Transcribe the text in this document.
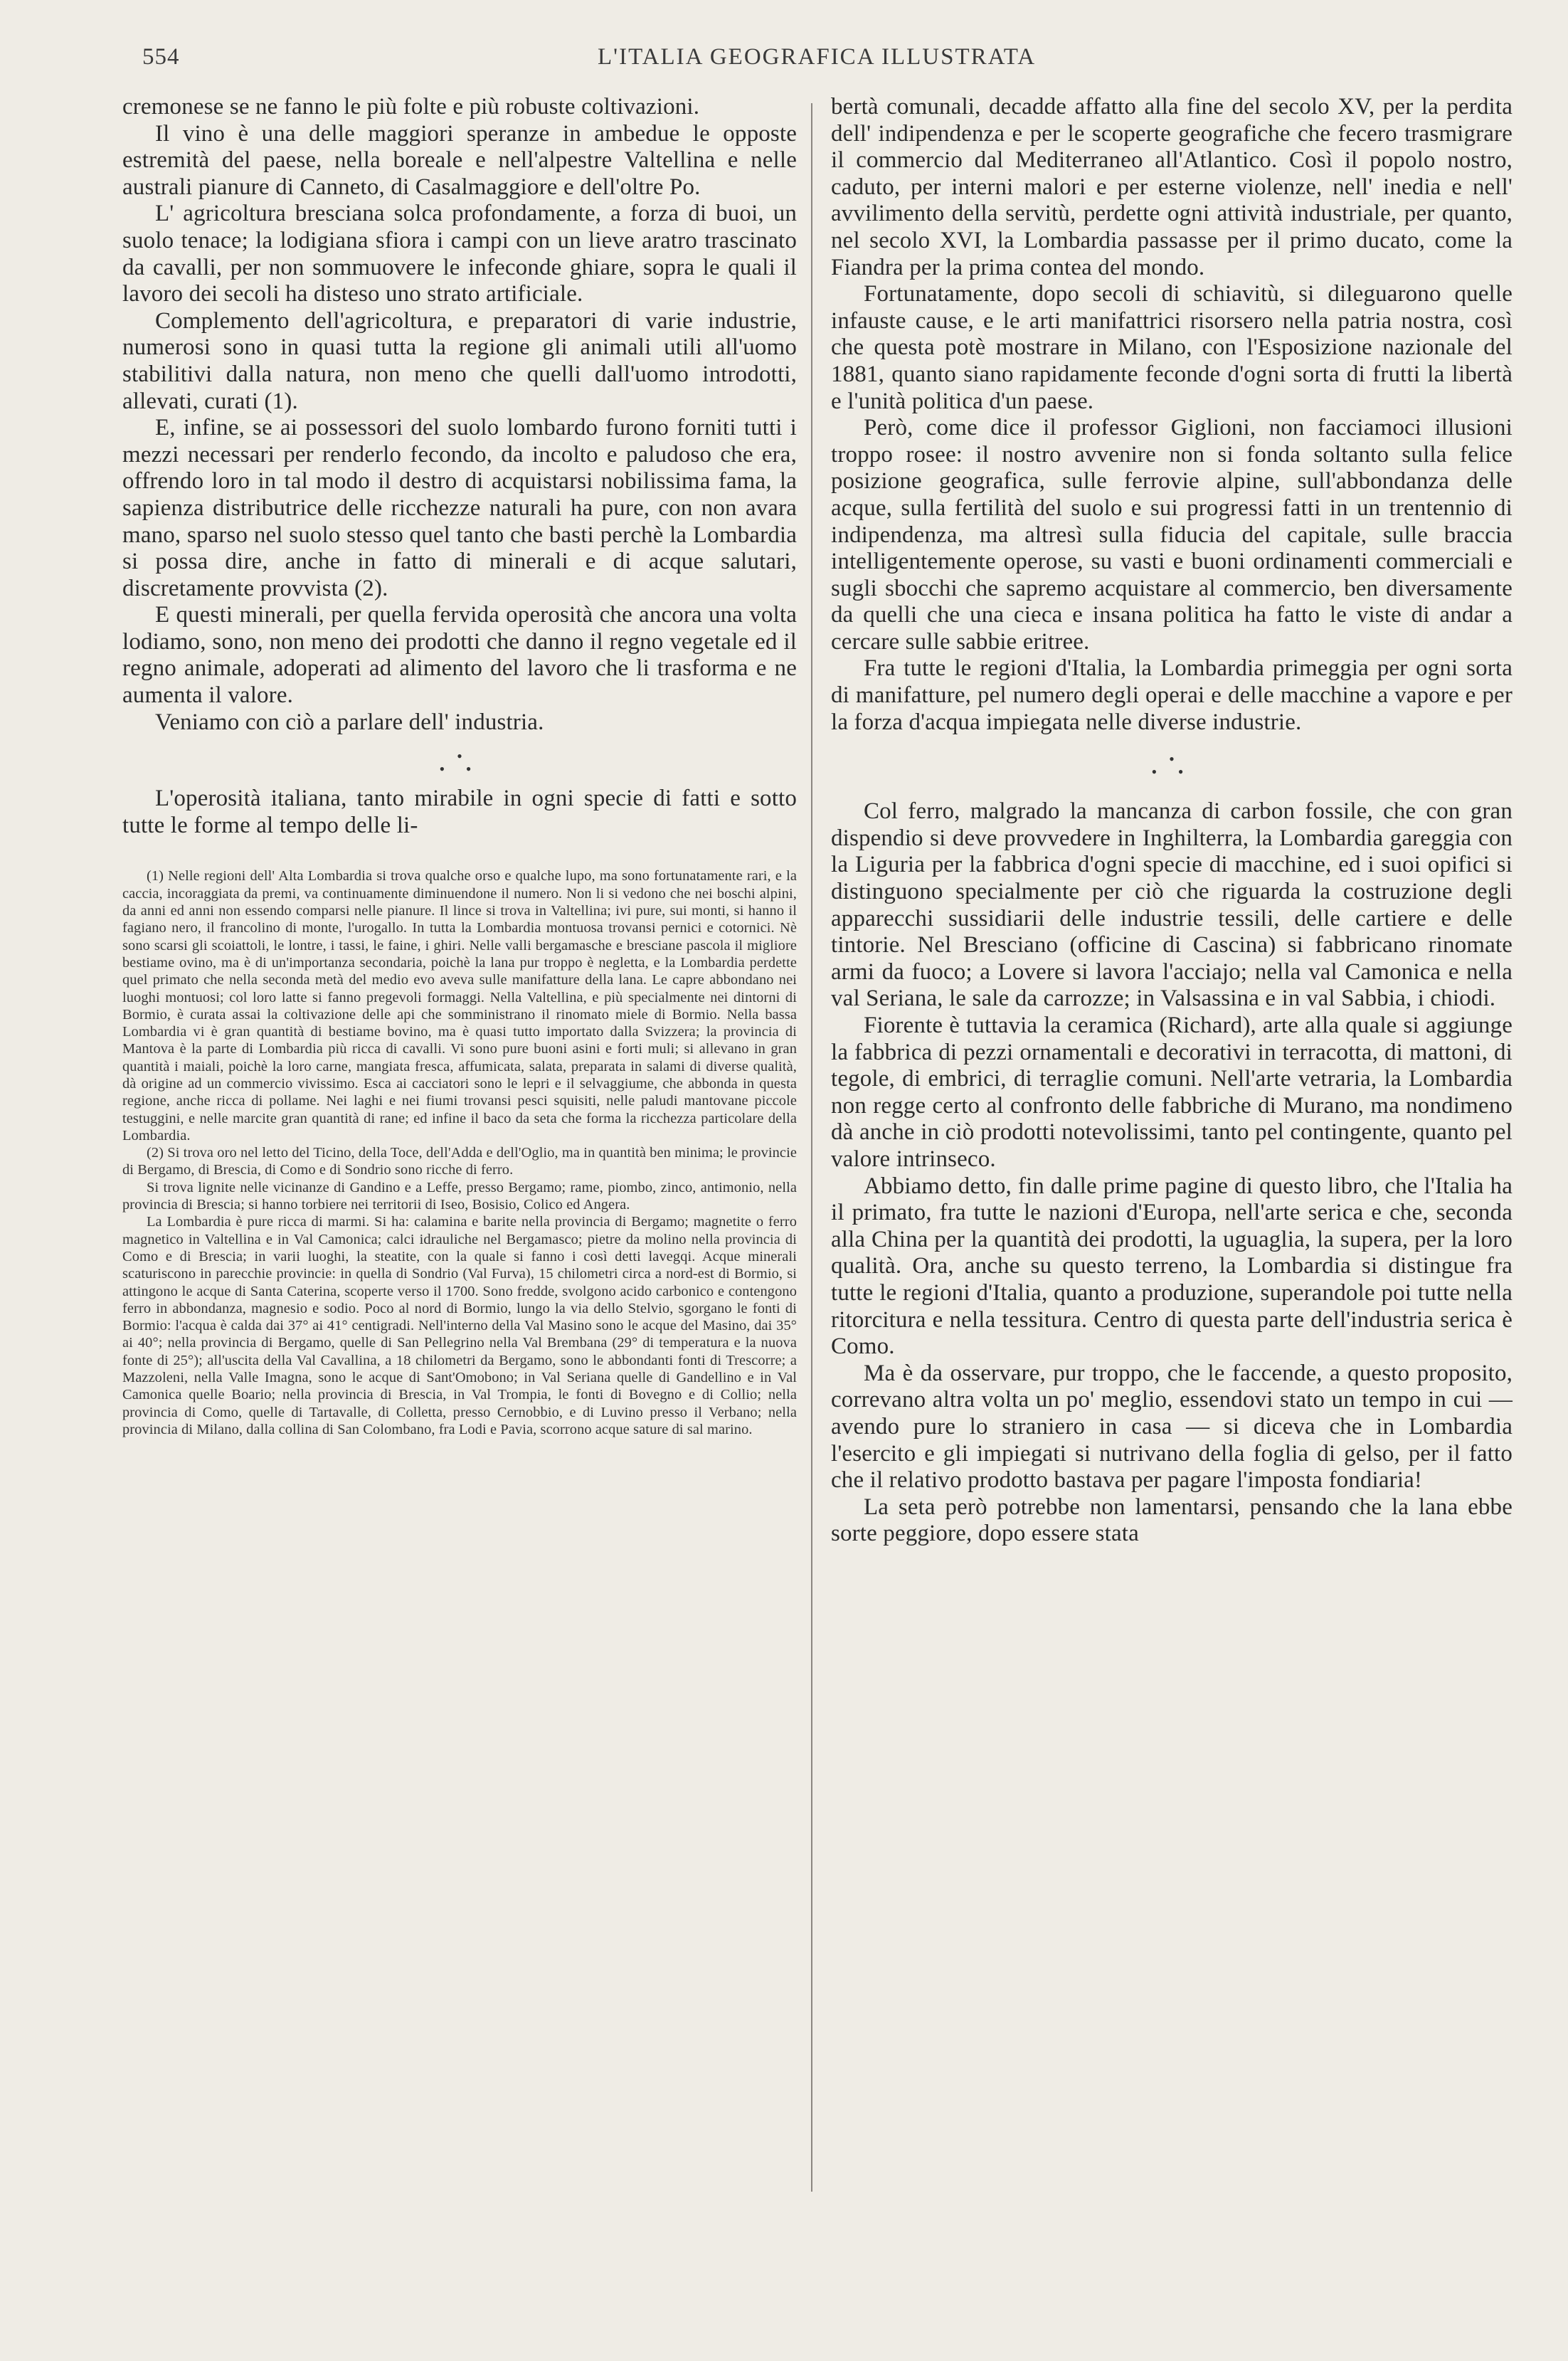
554	L'ITALIA GEOGRAFICA ILLUSTRATA

cremonese se ne fanno le più folte e più robuste coltivazioni.

Il vino è una delle maggiori speranze in ambedue le opposte estremità del paese, nella boreale e nell'alpestre Valtellina e nelle australi pianure di Canneto, di Casalmaggiore e dell'oltre Po.

L' agricoltura bresciana solca profondamente, a forza di buoi, un suolo tenace; la lodigiana sfiora i campi con un lieve aratro trascinato da cavalli, per non sommuovere le infeconde ghiare, sopra le quali il lavoro dei secoli ha disteso uno strato artificiale.

Complemento dell'agricoltura, e preparatori di varie industrie, numerosi sono in quasi tutta la regione gli animali utili all'uomo stabilitivi dalla natura, non meno che quelli dall'uomo introdotti, allevati, curati (1).

E, infine, se ai possessori del suolo lombardo furono forniti tutti i mezzi necessari per renderlo fecondo, da incolto e paludoso che era, offrendo loro in tal modo il destro di acquistarsi nobilissima fama, la sapienza distributrice delle ricchezze naturali ha pure, con non avara mano, sparso nel suolo stesso quel tanto che basti perchè la Lombardia si possa dire, anche in fatto di minerali e di acque salutari, discretamente provvista (2).

E questi minerali, per quella fervida operosità che ancora una volta lodiamo, sono, non meno dei prodotti che danno il regno vegetale ed il regno animale, adoperati ad alimento del lavoro che li trasforma e ne aumenta il valore.

Veniamo con ciò a parlare dell' industria.

•
• •

L'operosità italiana, tanto mirabile in ogni specie di fatti e sotto tutte le forme al tempo delle li-

(1) Nelle regioni dell' Alta Lombardia si trova qualche orso e qualche lupo, ma sono fortunatamente rari, e la caccia, incoraggiata da premi, va continuamente diminuendone il numero. Non li si vedono che nei boschi alpini, da anni ed anni non essendo comparsi nelle pianure. Il lince si trova in Valtellina; ivi pure, sui monti, si hanno il fagiano nero, il francolino di monte, l'urogallo. In tutta la Lombardia montuosa trovansi pernici e cotornici. Nè sono scarsi gli scoiattoli, le lontre, i tassi, le faine, i ghiri. Nelle valli bergamasche e bresciane pascola il migliore bestiame ovino, ma è di un'importanza secondaria, poichè la lana pur troppo è negletta, e la Lombardia perdette quel primato che nella seconda metà del medio evo aveva sulle manifatture della lana. Le capre abbondano nei luoghi montuosi; col loro latte si fanno pregevoli formaggi. Nella Valtellina, e più specialmente nei dintorni di Bormio, è curata assai la coltivazione delle api che somministrano il rinomato miele di Bormio. Nella bassa Lombardia vi è gran quantità di bestiame bovino, ma è quasi tutto importato dalla Svizzera; la provincia di Mantova è la parte di Lombardia più ricca di cavalli. Vi sono pure buoni asini e forti muli; si allevano in gran quantità i maiali, poichè la loro carne, mangiata fresca, affumicata, salata, preparata in salami di diverse qualità, dà origine ad un commercio vivissimo. Esca ai cacciatori sono le lepri e il selvaggiume, che abbonda in questa regione, anche ricca di pollame. Nei laghi e nei fiumi trovansi pesci squisiti, nelle paludi mantovane piccole testuggini, e nelle marcite gran quantità di rane; ed infine il baco da seta che forma la ricchezza particolare della Lombardia.

(2) Si trova oro nel letto del Ticino, della Toce, dell'Adda e dell'Oglio, ma in quantità ben minima; le provincie di Bergamo, di Brescia, di Como e di Sondrio sono ricche di ferro.

Si trova lignite nelle vicinanze di Gandino e a Leffe, presso Bergamo; rame, piombo, zinco, antimonio, nella provincia di Brescia; si hanno torbiere nei territorii di Iseo, Bosisio, Colico ed Angera.

La Lombardia è pure ricca di marmi. Si ha: calamina e barite nella provincia di Bergamo; magnetite o ferro magnetico in Valtellina e in Val Camonica; calci idrauliche nel Bergamasco; pietre da molino nella provincia di Como e di Brescia; in varii luoghi, la steatite, con la quale si fanno i così detti lavegqi. Acque minerali scaturiscono in parecchie provincie: in quella di Sondrio (Val Furva), 15 chilometri circa a nord-est di Bormio, si attingono le acque di Santa Caterina, scoperte verso il 1700. Sono fredde, svolgono acido carbonico e contengono ferro in abbondanza, magnesio e sodio. Poco al nord di Bormio, lungo la via dello Stelvio, sgorgano le fonti di Bormio: l'acqua è calda dai 37° ai 41° centigradi. Nell'interno della Val Masino sono le acque del Masino, dai 35° ai 40°; nella provincia di Bergamo, quelle di San Pellegrino nella Val Brembana (29° di temperatura e la nuova fonte di 25°); all'uscita della Val Cavallina, a 18 chilometri da Bergamo, sono le abbondanti fonti di Trescorre; a Mazzoleni, nella Valle Imagna, sono le acque di Sant'Omobono; in Val Seriana quelle di Gandellino e in Val Camonica quelle Boario; nella provincia di Brescia, in Val Trompia, le fonti di Bovegno e di Collio; nella provincia di Como, quelle di Tartavalle, di Colletta, presso Cernobbio, e di Luvino presso il Verbano; nella provincia di Milano, dalla collina di San Colombano, fra Lodi e Pavia, scorrono acque sature di sal marino.

bertà comunali, decadde affatto alla fine del secolo XV, per la perdita dell' indipendenza e per le scoperte geografiche che fecero trasmigrare il commercio dal Mediterraneo all'Atlantico. Così il popolo nostro, caduto, per interni malori e per esterne violenze, nell' inedia e nell' avvilimento della servitù, perdette ogni attività industriale, per quanto, nel secolo XVI, la Lombardia passasse per il primo ducato, come la Fiandra per la prima contea del mondo.

Fortunatamente, dopo secoli di schiavitù, si dileguarono quelle infauste cause, e le arti manifattrici risorsero nella patria nostra, così che questa potè mostrare in Milano, con l'Esposizione nazionale del 1881, quanto siano rapidamente feconde d'ogni sorta di frutti la libertà e l'unità politica d'un paese.

Però, come dice il professor Giglioni, non facciamoci illusioni troppo rosee: il nostro avvenire non si fonda soltanto sulla felice posizione geografica, sulle ferrovie alpine, sull'abbondanza delle acque, sulla fertilità del suolo e sui progressi fatti in un trentennio di indipendenza, ma altresì sulla fiducia del capitale, sulle braccia intelligentemente operose, su vasti e buoni ordinamenti commerciali e sugli sbocchi che sapremo acquistare al commercio, ben diversamente da quelli che una cieca e insana politica ha fatto le viste di andar a cercare sulle sabbie eritree.

Fra tutte le regioni d'Italia, la Lombardia primeggia per ogni sorta di manifatture, pel numero degli operai e delle macchine a vapore e per la forza d'acqua impiegata nelle diverse industrie.

•
• •

Col ferro, malgrado la mancanza di carbon fossile, che con gran dispendio si deve provvedere in Inghilterra, la Lombardia gareggia con la Liguria per la fabbrica d'ogni specie di macchine, ed i suoi opifici si distinguono specialmente per ciò che riguarda la costruzione degli apparecchi sussidiarii delle industrie tessili, delle cartiere e delle tintorie. Nel Bresciano (officine di Cascina) si fabbricano rinomate armi da fuoco; a Lovere si lavora l'acciajo; nella val Camonica e nella val Seriana, le sale da carrozze; in Valsassina e in val Sabbia, i chiodi.

Fiorente è tuttavia la ceramica (Richard), arte alla quale si aggiunge la fabbrica di pezzi ornamentali e decorativi in terracotta, di mattoni, di tegole, di embrici, di terraglie comuni. Nell'arte vetraria, la Lombardia non regge certo al confronto delle fabbriche di Murano, ma nondimeno dà anche in ciò prodotti notevolissimi, tanto pel contingente, quanto pel valore intrinseco.

Abbiamo detto, fin dalle prime pagine di questo libro, che l'Italia ha il primato, fra tutte le nazioni d'Europa, nell'arte serica e che, seconda alla China per la quantità dei prodotti, la uguaglia, la supera, per la loro qualità. Ora, anche su questo terreno, la Lombardia si distingue fra tutte le regioni d'Italia, quanto a produzione, superandole poi tutte nella ritorcitura e nella tessitura. Centro di questa parte dell'industria serica è Como.

Ma è da osservare, pur troppo, che le faccende, a questo proposito, correvano altra volta un po' meglio, essendovi stato un tempo in cui — avendo pure lo straniero in casa — si diceva che in Lombardia l'esercito e gli impiegati si nutrivano della foglia di gelso, per il fatto che il relativo prodotto bastava per pagare l'imposta fondiaria!

La seta però potrebbe non lamentarsi, pensando che la lana ebbe sorte peggiore, dopo essere stata
